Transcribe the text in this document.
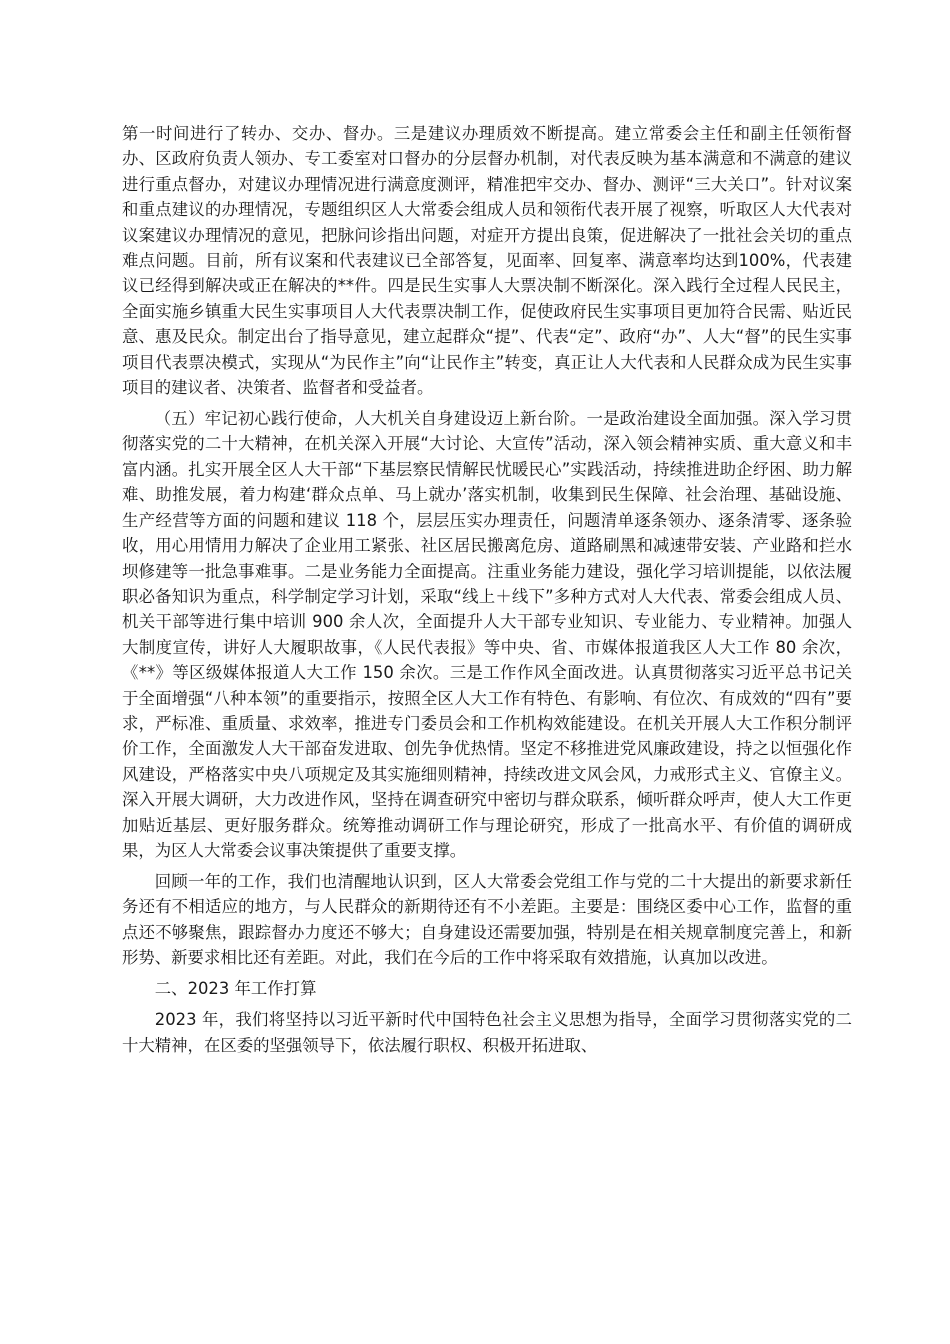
第一时间进行了转办、交办、督办。三是建议办理质效不断提高。建立常委会主任和副主任领衔督办、区政府负责人领办、专工委室对口督办的分层督办机制，对代表反映为基本满意和不满意的建议进行重点督办，对建议办理情况进行满意度测评，精准把牢交办、督办、测评“三大关口”。针对议案和重点建议的办理情况，专题组织区人大常委会组成人员和领衔代表开展了视察，听取区人大代表对议案建议办理情况的意见，把脉问诊指出问题，对症开方提出良策，促进解决了一批社会关切的重点难点问题。目前，所有议案和代表建议已全部答复，见面率、回复率、满意率均达到100%，代表建议已经得到解决或正在解决的**件。四是民生实事人大票决制不断深化。深入践行全过程人民民主，全面实施乡镇重大民生实事项目人大代表票决制工作，促使政府民生实事项目更加符合民需、贴近民意、惠及民众。制定出台了指导意见，建立起群众“提”、代表“定”、政府“办”、人大“督”的民生实事项目代表票决模式，实现从“为民作主”向“让民作主”转变，真正让人大代表和人民群众成为民生实事项目的建议者、决策者、监督者和受益者。

（五）牢记初心践行使命，人大机关自身建设迈上新台阶。一是政治建设全面加强。深入学习贯彻落实党的二十大精神，在机关深入开展“大讨论、大宣传”活动，深入领会精神实质、重大意义和丰富内涵。扎实开展全区人大干部“下基层察民情解民忧暖民心”实践活动，持续推进助企纾困、助力解难、助推发展，着力构建‘群众点单、马上就办’落实机制，收集到民生保障、社会治理、基础设施、生产经营等方面的问题和建议 118 个，层层压实办理责任，问题清单逐条领办、逐条清零、逐条验收，用心用情用力解决了企业用工紧张、社区居民搬离危房、道路刷黑和减速带安装、产业路和拦水坝修建等一批急事难事。二是业务能力全面提高。注重业务能力建设，强化学习培训提能，以依法履职必备知识为重点，科学制定学习计划，采取“线上＋线下”多种方式对人大代表、常委会组成人员、机关干部等进行集中培训 900 余人次，全面提升人大干部专业知识、专业能力、专业精神。加强人大制度宣传，讲好人大履职故事，《人民代表报》等中央、省、市媒体报道我区人大工作 80 余次，《**》等区级媒体报道人大工作 150 余次。三是工作作风全面改进。认真贯彻落实习近平总书记关于全面增强“八种本领”的重要指示，按照全区人大工作有特色、有影响、有位次、有成效的“四有”要求，严标准、重质量、求效率，推进专门委员会和工作机构效能建设。在机关开展人大工作积分制评价工作，全面激发人大干部奋发进取、创先争优热情。坚定不移推进党风廉政建设，持之以恒强化作风建设，严格落实中央八项规定及其实施细则精神，持续改进文风会风，力戒形式主义、官僚主义。深入开展大调研，大力改进作风，坚持在调查研究中密切与群众联系，倾听群众呼声，使人大工作更加贴近基层、更好服务群众。统筹推动调研工作与理论研究，形成了一批高水平、有价值的调研成果，为区人大常委会议事决策提供了重要支撑。

回顾一年的工作，我们也清醒地认识到，区人大常委会党组工作与党的二十大提出的新要求新任务还有不相适应的地方，与人民群众的新期待还有不小差距。主要是：围绕区委中心工作，监督的重点还不够聚焦，跟踪督办力度还不够大；自身建设还需要加强，特别是在相关规章制度完善上，和新形势、新要求相比还有差距。对此，我们在今后的工作中将采取有效措施，认真加以改进。

二、2023 年工作打算

2023 年，我们将坚持以习近平新时代中国特色社会主义思想为指导，全面学习贯彻落实党的二十大精神，在区委的坚强领导下，依法履行职权、积极开拓进取、
